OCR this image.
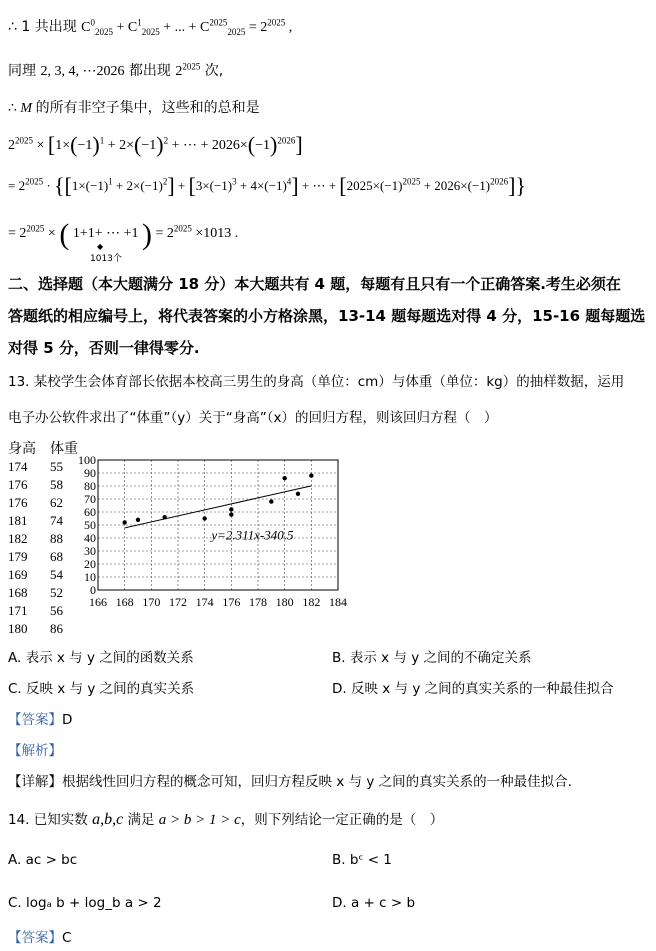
∴ 1 共出现 $C^0_{2025} + C^1_{2025}$ + ... + $C^{2025}_{2025} = 2^{2025}$ ,
同理 2, 3, 4, ⋯2026 都出现 $2^{2025}$ 次,
∴ M 的所有非空子集中，这些和的总和是
$2^{2025} \times [1\times(-1)^1 + 2\times(-1)^2$ + ⋯ + $2026\times(-1)^{2026}$]
= $2^{2025} \cdot \{[1\times(-1)^1 + 2\times(-1)^2] + [3\times(-1)^3 + 4\times(-1)^4]$ + ⋯ + $[2025\times(-1)^{2025} + 2026\times(-1)^{2026}]$}
= $2^{2025}$ × ( 1+1+ ⋯ +1 ) = $2^{2025} \times 1013$ .
◆
1013个
二、选择题（本大题满分 18 分）本大题共有 4 题，每题有且只有一个正确答案.考生必须在
答题纸的相应编号上，将代表答案的小方格涂黑，13-14 题每题选对得 4 分，15-16 题每题选
对得 5 分，否则一律得零分.
13. 某校学生会体育部长依据本校高三男生的身高（单位：cm）与体重（单位：kg）的抽样数据，运用
电子办公软件求出了“体重”（y）关于“身高”（x）的回归方程，则该回归方程（　）
身高	体重
174	55
176	58
176	62
181	74
182	88
179	68
169	54
168	52
171	56
180	86
0
10
20
30
40
50
60
70
80
90
100
166 168 170 172 174 176 178 180 182 184
y=2.311x-340.5
A. 表示 x 与 y 之间的函数关系	B. 表示 x 与 y 之间的不确定关系
C. 反映 x 与 y 之间的真实关系	D. 反映 x 与 y 之间的真实关系的一种最佳拟合
【答案】D
【解析】
【详解】根据线性回归方程的概念可知，回归方程反映 x 与 y 之间的真实关系的一种最佳拟合.
14. 已知实数 a,b,c 满足 a > b > 1 > c，则下列结论一定正确的是（　）
A. ac > bc	B. bᶜ < 1
C. logₐ b + log_b a > 2	D. a + c > b
【答案】C
